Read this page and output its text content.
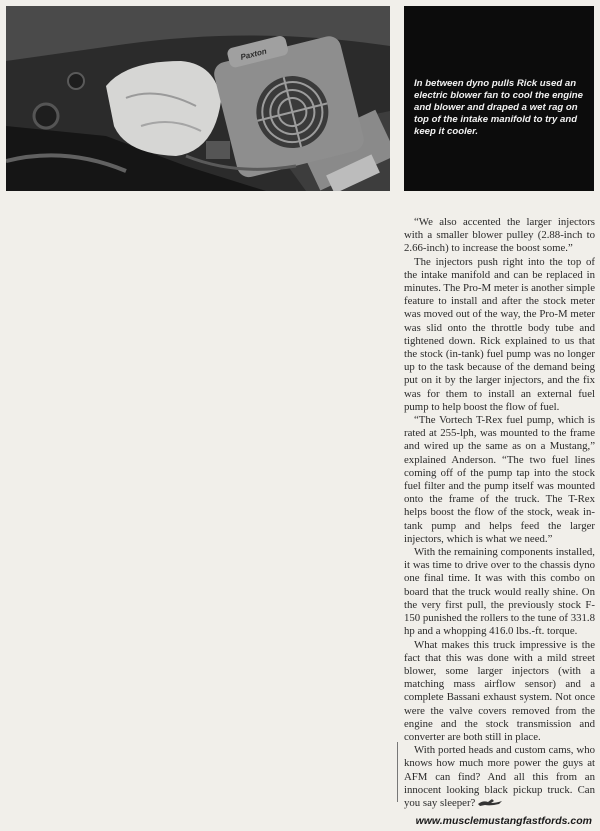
Paxton
In between dyno pulls Rick used an electric blower fan to cool the engine and blower and draped a wet rag on top of the intake manifold to try and keep it cooler.

“We also accented the larger injectors with a smaller blower pulley (2.88-inch to 2.66-inch) to increase the boost some.”

The injectors push right into the top of the intake manifold and can be replaced in minutes. The Pro-M meter is another simple feature to install and after the stock meter was moved out of the way, the Pro-M meter was slid onto the throttle body tube and tightened down. Rick explained to us that the stock (in-tank) fuel pump was no longer up to the task because of the demand being put on it by the larger injectors, and the fix was for them to install an external fuel pump to help boost the flow of fuel.

“The Vortech T-Rex fuel pump, which is rated at 255-lph, was mounted to the frame and wired up the same as on a Mustang,” explained Anderson. “The two fuel lines coming off of the pump tap into the stock fuel filter and the pump itself was mounted onto the frame of the truck. The T-Rex helps boost the flow of the stock, weak in-tank pump and helps feed the larger injectors, which is what we need.”

With the remaining components installed, it was time to drive over to the chassis dyno one final time. It was with this combo on board that the truck would really shine. On the very first pull, the previously stock F-150 punished the rollers to the tune of 331.8 hp and a whopping 416.0 lbs.-ft. torque.

What makes this truck impressive is the fact that this was done with a mild street blower, some larger injectors (with a matching mass airflow sensor) and a complete Bassani exhaust system. Not once were the valve covers removed from the engine and the stock transmission and converter are both still in place.

With ported heads and custom cams, who knows how much more power the guys at AFM can find? And all this from an innocent looking black pickup truck. Can you say sleeper?

www.musclemustangfastfords.com
